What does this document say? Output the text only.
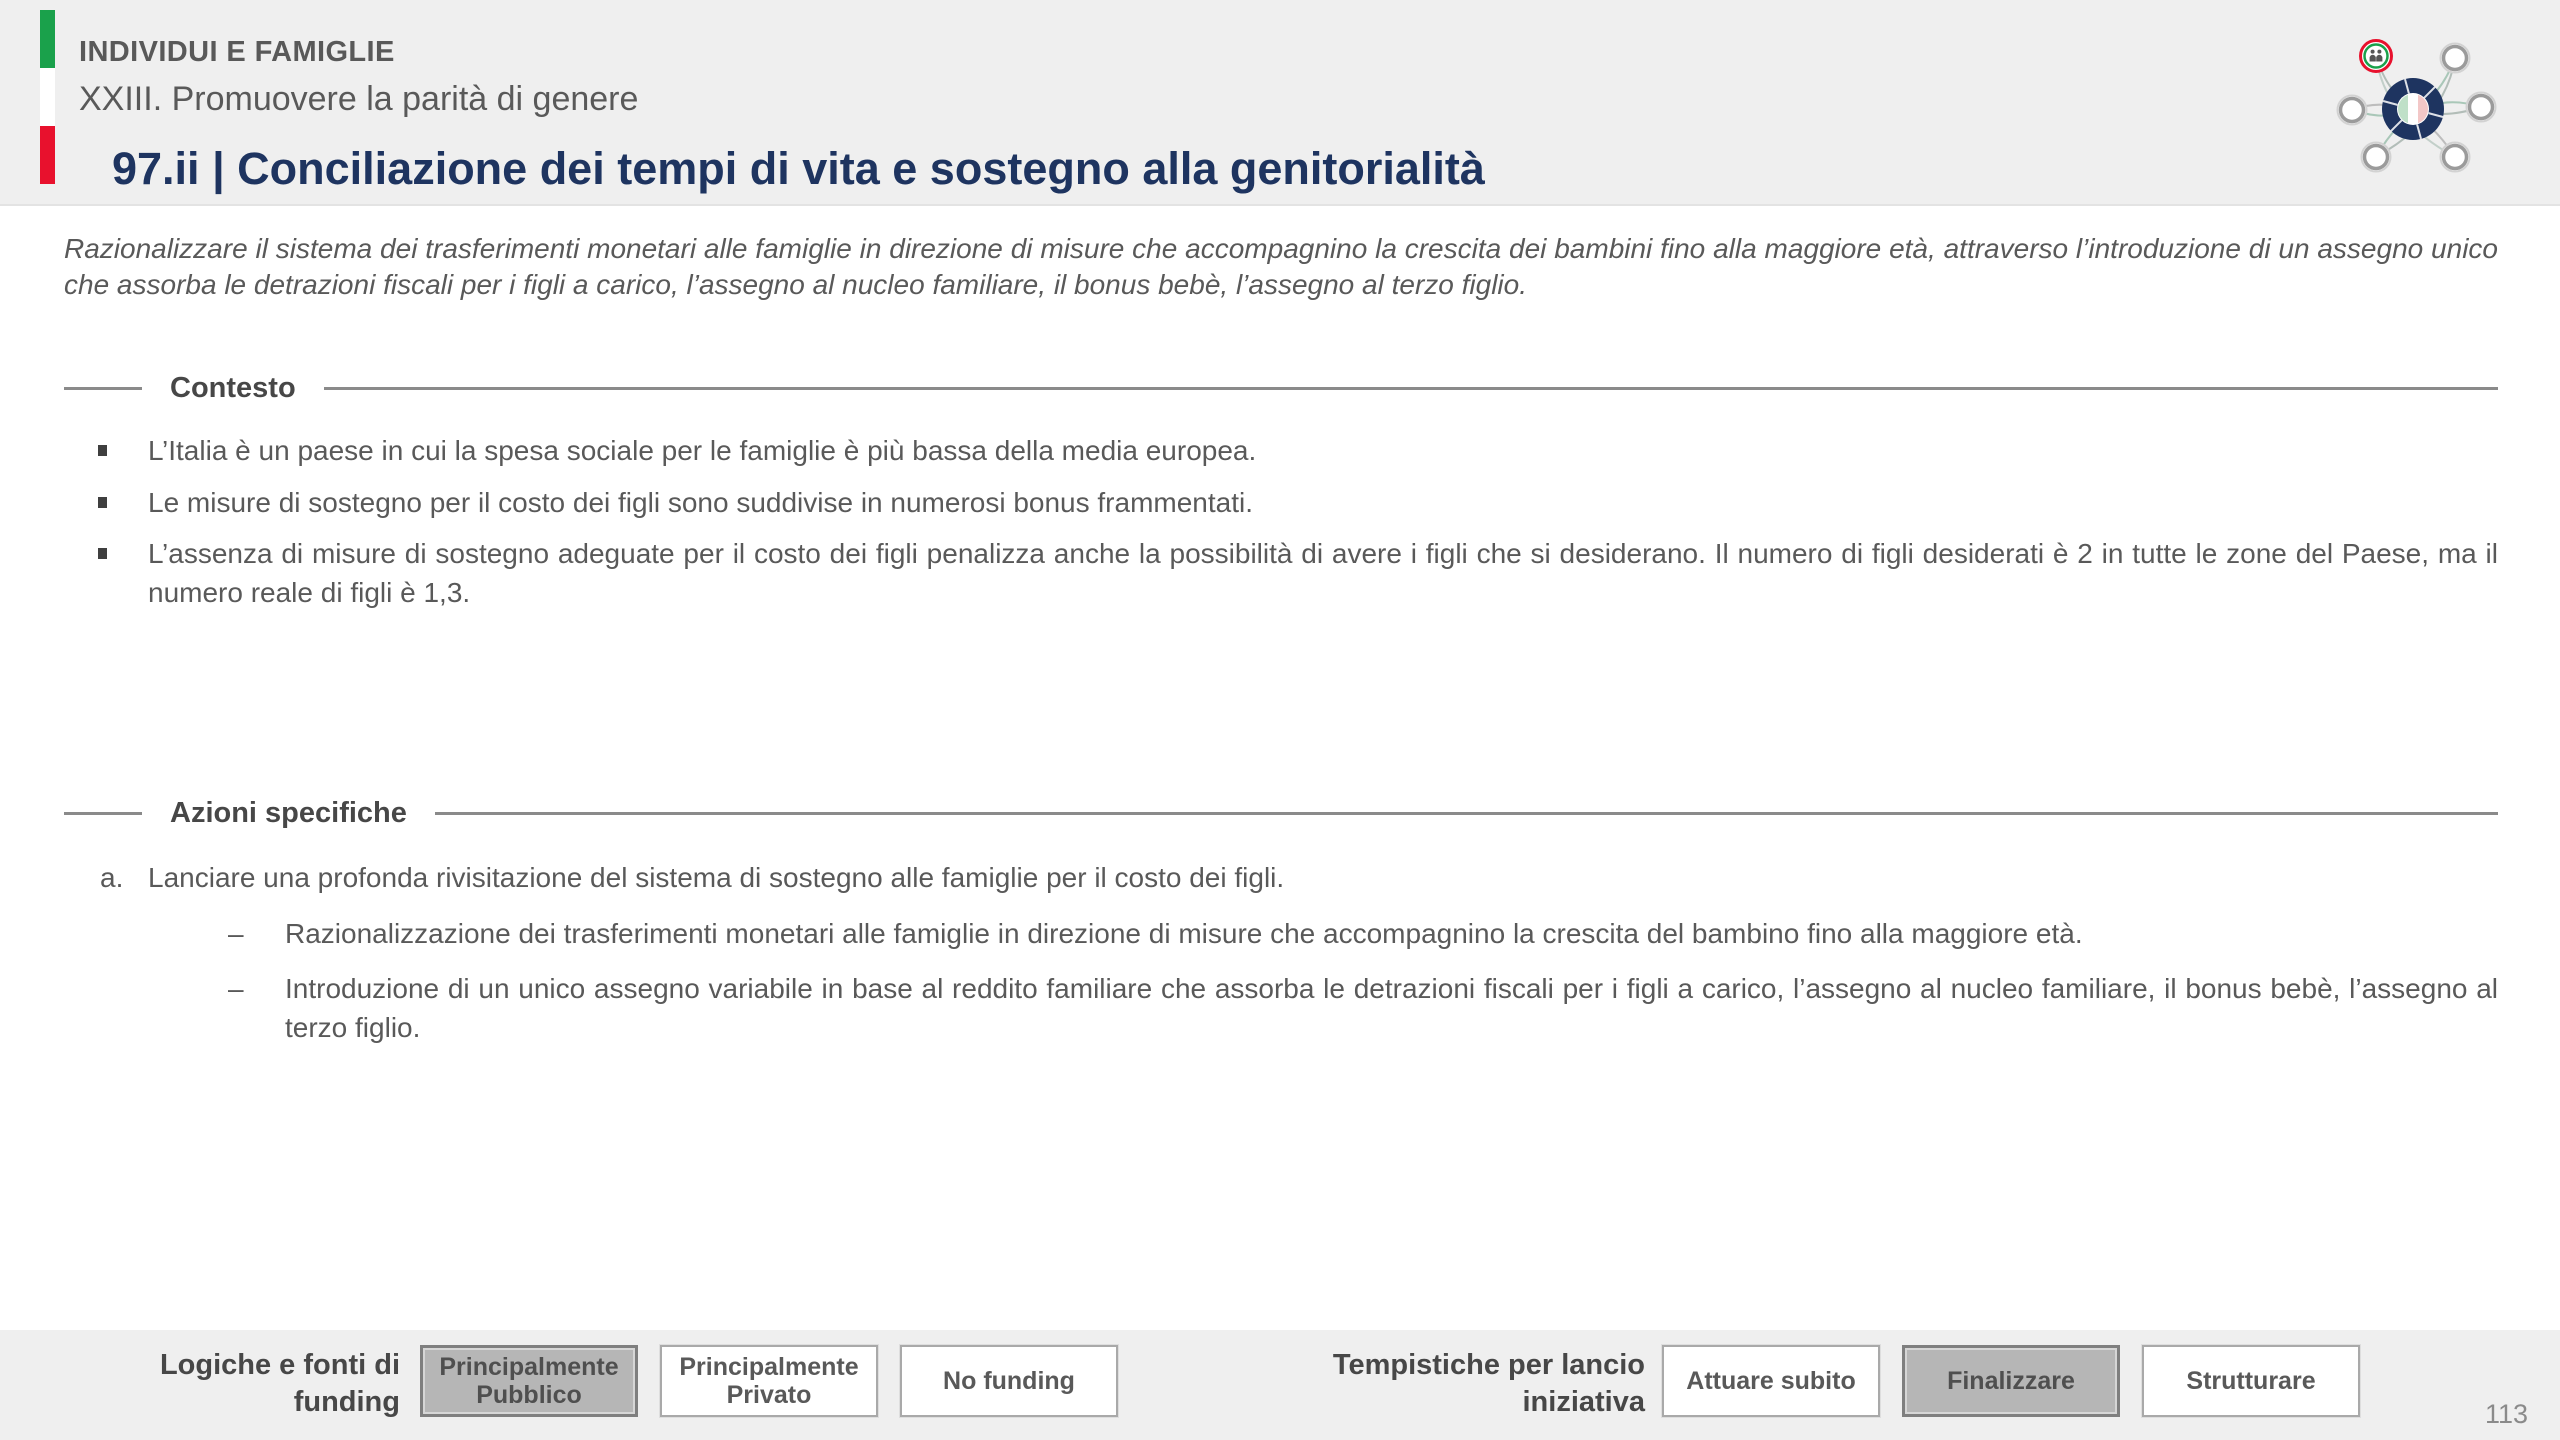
INDIVIDUI E FAMIGLIE
XXIII. Promuovere la parità di genere
97.ii | Conciliazione dei tempi di vita e sostegno alla genitorialità
Razionalizzare il sistema dei trasferimenti monetari alle famiglie in direzione di misure che accompagnino la crescita dei bambini fino alla maggiore età, attraverso l’introduzione di un assegno unico che assorba le detrazioni fiscali per i figli a carico, l’assegno al nucleo familiare, il bonus bebè, l’assegno al terzo figlio.
Contesto
L’Italia è un paese in cui la spesa sociale per le famiglie è più bassa della media europea.
Le misure di sostegno per il costo dei figli sono suddivise in numerosi bonus frammentati.
L’assenza di misure di sostegno adeguate per il costo dei figli penalizza anche la possibilità di avere i figli che si desiderano. Il numero di figli desiderati è 2 in tutte le zone del Paese, ma il numero reale di figli è 1,3.
Azioni specifiche
a. Lanciare una profonda rivisitazione del sistema di sostegno alle famiglie per il costo dei figli.
–	Razionalizzazione dei trasferimenti monetari alle famiglie in direzione di misure che accompagnino la crescita del bambino fino alla maggiore età.
–	Introduzione di un unico assegno variabile in base al reddito familiare che assorba le detrazioni fiscali per i figli a carico, l’assegno al nucleo familiare, il bonus bebè, l’assegno al terzo figlio.
Logiche e fonti di funding
Principalmente Pubblico
Principalmente Privato	No funding	Tempistiche per lancio iniziativa
Attuare subito	Finalizzare	Strutturare
113
